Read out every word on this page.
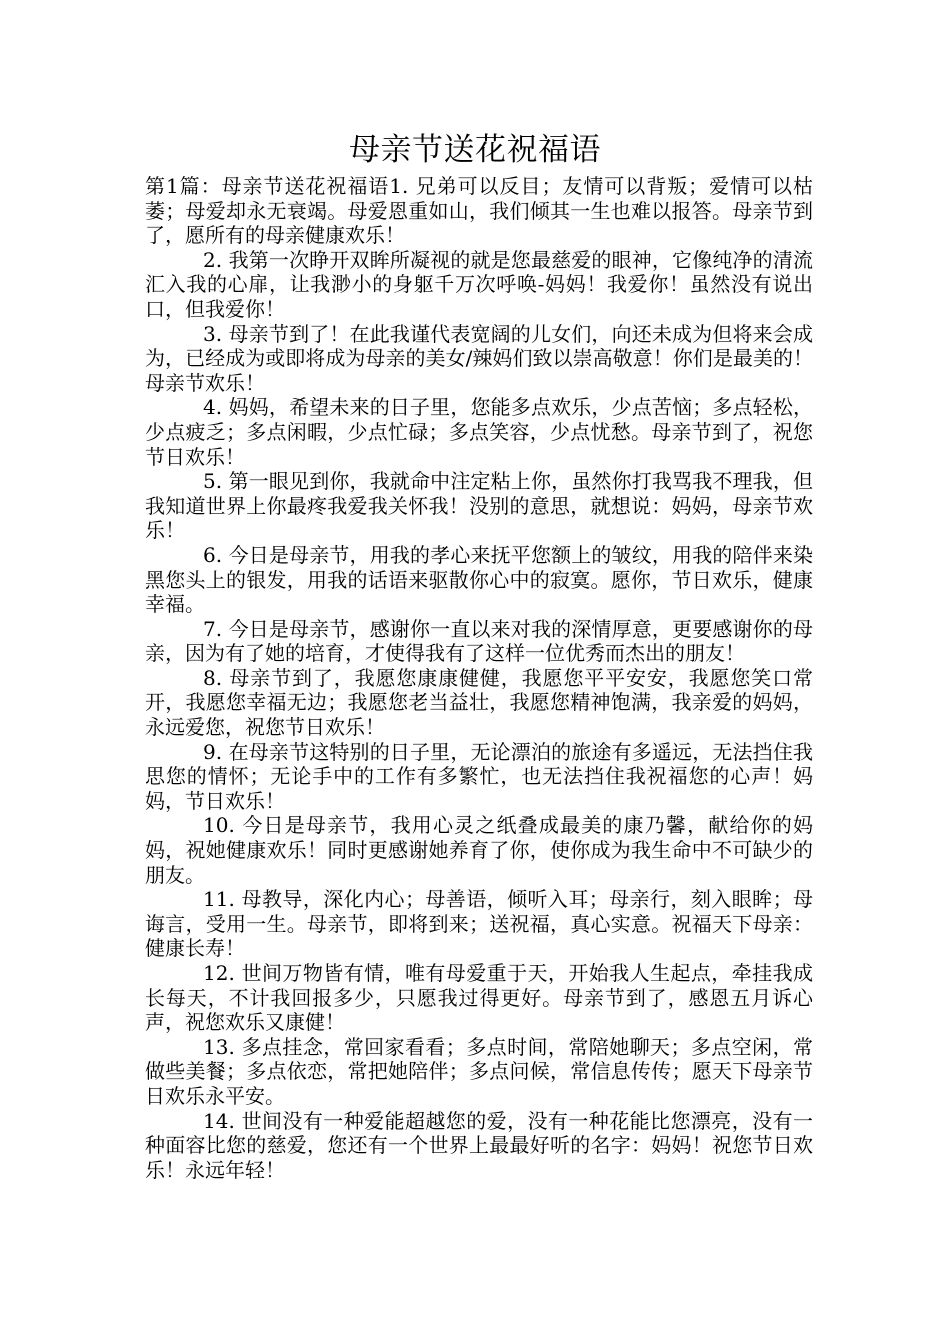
母亲节送花祝福语

第1篇：母亲节送花祝福语1. 兄弟可以反目；友情可以背叛；爱情可以枯萎；母爱却永无衰竭。母爱恩重如山，我们倾其一生也难以报答。母亲节到了，愿所有的母亲健康欢乐！

2. 我第一次睁开双眸所凝视的就是您最慈爱的眼神，它像纯净的清流汇入我的心扉，让我渺小的身躯千万次呼唤-妈妈！我爱你！虽然没有说出口，但我爱你！

3. 母亲节到了！在此我谨代表宽阔的儿女们，向还未成为但将来会成为，已经成为或即将成为母亲的美女/辣妈们致以崇高敬意！你们是最美的！母亲节欢乐！

4. 妈妈，希望未来的日子里，您能多点欢乐，少点苦恼；多点轻松，少点疲乏；多点闲暇，少点忙碌；多点笑容，少点忧愁。母亲节到了，祝您节日欢乐！

5. 第一眼见到你，我就命中注定粘上你，虽然你打我骂我不理我，但我知道世界上你最疼我爱我关怀我！没别的意思，就想说：妈妈，母亲节欢乐！

6. 今日是母亲节，用我的孝心来抚平您额上的皱纹，用我的陪伴来染黑您头上的银发，用我的话语来驱散你心中的寂寞。愿你，节日欢乐，健康幸福。

7. 今日是母亲节，感谢你一直以来对我的深情厚意，更要感谢你的母亲，因为有了她的培育，才使得我有了这样一位优秀而杰出的朋友！

8. 母亲节到了，我愿您康康健健，我愿您平平安安，我愿您笑口常开，我愿您幸福无边；我愿您老当益壮，我愿您精神饱满，我亲爱的妈妈，永远爱您，祝您节日欢乐！

9. 在母亲节这特别的日子里，无论漂泊的旅途有多遥远，无法挡住我思您的情怀；无论手中的工作有多繁忙，也无法挡住我祝福您的心声！妈妈，节日欢乐！

10. 今日是母亲节，我用心灵之纸叠成最美的康乃馨，献给你的妈妈，祝她健康欢乐！同时更感谢她养育了你，使你成为我生命中不可缺少的朋友。

11. 母教导，深化内心；母善语，倾听入耳；母亲行，刻入眼眸；母诲言，受用一生。母亲节，即将到来；送祝福，真心实意。祝福天下母亲：健康长寿！

12. 世间万物皆有情，唯有母爱重于天，开始我人生起点，牵挂我成长每天，不计我回报多少，只愿我过得更好。母亲节到了，感恩五月诉心声，祝您欢乐又康健！

13. 多点挂念，常回家看看；多点时间，常陪她聊天；多点空闲，常做些美餐；多点依恋，常把她陪伴；多点问候，常信息传传；愿天下母亲节日欢乐永平安。

14. 世间没有一种爱能超越您的爱，没有一种花能比您漂亮，没有一种面容比您的慈爱，您还有一个世界上最最好听的名字：妈妈！祝您节日欢乐！永远年轻！
